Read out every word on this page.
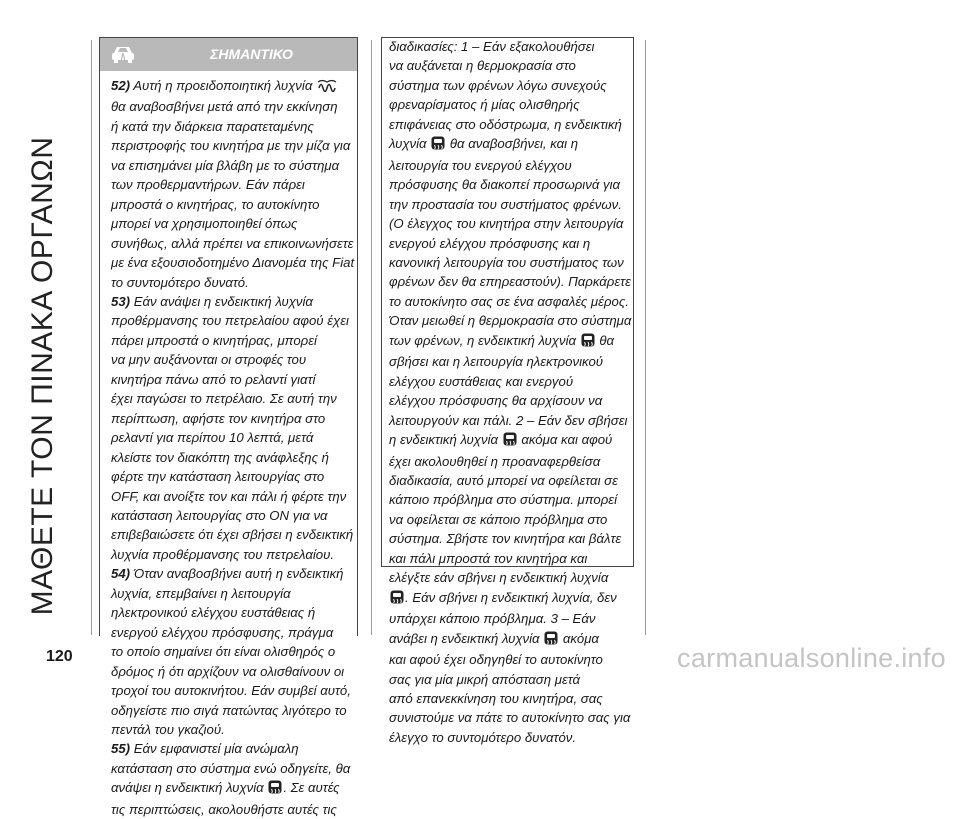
ΜΑΘΕΤΕ ΤΟΝ ΠΙΝΑΚΑ ΟΡΓΑΝΩΝ
ΣΗΜΑΝΤΙΚΟ
52) Αυτή η προειδοποιητική λυχνία
θα αναβοσβήνει μετά από την εκκίνηση
ή κατά την διάρκεια παρατεταμένης
περιστροφής του κινητήρα με την μίζα για
να επισημάνει μία βλάβη με το σύστημα
των προθερμαντήρων. Εάν πάρει
μπροστά ο κινητήρας, το αυτοκίνητο
μπορεί να χρησιμοποιηθεί όπως
συνήθως, αλλά πρέπει να επικοινωνήσετε
με ένα εξουσιοδοτημένο Διανομέα της Fiat
το συντομότερο δυνατό.
53) Εάν ανάψει η ενδεικτική λυχνία
προθέρμανσης του πετρελαίου αφού έχει
πάρει μπροστά ο κινητήρας, μπορεί
να μην αυξάνονται οι στροφές του
κινητήρα πάνω από το ρελαντί γιατί
έχει παγώσει το πετρέλαιο. Σε αυτή την
περίπτωση, αφήστε τον κινητήρα στο
ρελαντί για περίπου 10 λεπτά, μετά
κλείστε τον διακόπτη της ανάφλεξης ή
φέρτε την κατάσταση λειτουργίας στο
OFF, και ανοίξτε τον και πάλι ή φέρτε την
κατάσταση λειτουργίας στο ON για να
επιβεβαιώσετε ότι έχει σβήσει η ενδεικτική
λυχνία προθέρμανσης του πετρελαίου.
54) Όταν αναβοσβήνει αυτή η ενδεικτική
λυχνία, επεμβαίνει η λειτουργία
ηλεκτρονικού ελέγχου ευστάθειας ή
ενεργού ελέγχου πρόσφυσης, πράγμα
το οποίο σημαίνει ότι είναι ολισθηρός ο
δρόμος ή ότι αρχίζουν να ολισθαίνουν οι
τροχοί του αυτοκινήτου. Εάν συμβεί αυτό,
οδηγείστε πιο σιγά πατώντας λιγότερο το
πεντάλ του γκαζιού.
55) Εάν εμφανιστεί μία ανώμαλη
κατάσταση στο σύστημα ενώ οδηγείτε, θα
ανάψει η ενδεικτική λυχνία . Σε αυτές
τις περιπτώσεις, ακολουθήστε αυτές τις
διαδικασίες: 1 – Εάν εξακολουθήσει
να αυξάνεται η θερμοκρασία στο
σύστημα των φρένων λόγω συνεχούς
φρεναρίσματος ή μίας ολισθηρής
επιφάνειας στο οδόστρωμα, η ενδεικτική
λυχνία  θα αναβοσβήνει, και η
λειτουργία του ενεργού ελέγχου
πρόσφυσης θα διακοπεί προσωρινά για
την προστασία του συστήματος φρένων.
(Ο έλεγχος του κινητήρα στην λειτουργία
ενεργού ελέγχου πρόσφυσης και η
κανονική λειτουργία του συστήματος των
φρένων δεν θα επηρεαστούν). Παρκάρετε
το αυτοκίνητο σας σε ένα ασφαλές μέρος.
Όταν μειωθεί η θερμοκρασία στο σύστημα
των φρένων, η ενδεικτική λυχνία  θα
σβήσει και η λειτουργία ηλεκτρονικού
ελέγχου ευστάθειας και ενεργού
ελέγχου πρόσφυσης θα αρχίσουν να
λειτουργούν και πάλι. 2 – Εάν δεν σβήσει
η ενδεικτική λυχνία  ακόμα και αφού
έχει ακολουθηθεί η προαναφερθείσα
διαδικασία, αυτό μπορεί να οφείλεται σε
κάποιο πρόβλημα στο σύστημα. μπορεί
να οφείλεται σε κάποιο πρόβλημα στο
σύστημα. Σβήστε τον κινητήρα και βάλτε
και πάλι μπροστά τον κινητήρα και
ελέγξτε εάν σβήνει η ενδεικτική λυχνία
. Εάν σβήνει η ενδεικτική λυχνία, δεν
υπάρχει κάποιο πρόβλημα. 3 – Εάν
ανάβει η ενδεικτική λυχνία  ακόμα
και αφού έχει οδηγηθεί το αυτοκίνητο
σας για μία μικρή απόσταση μετά
από επανεκκίνηση του κινητήρα, σας
συνιστούμε να πάτε το αυτοκίνητο σας για
έλεγχο το συντομότερο δυνατόν.
120	carmanualsonline.info
